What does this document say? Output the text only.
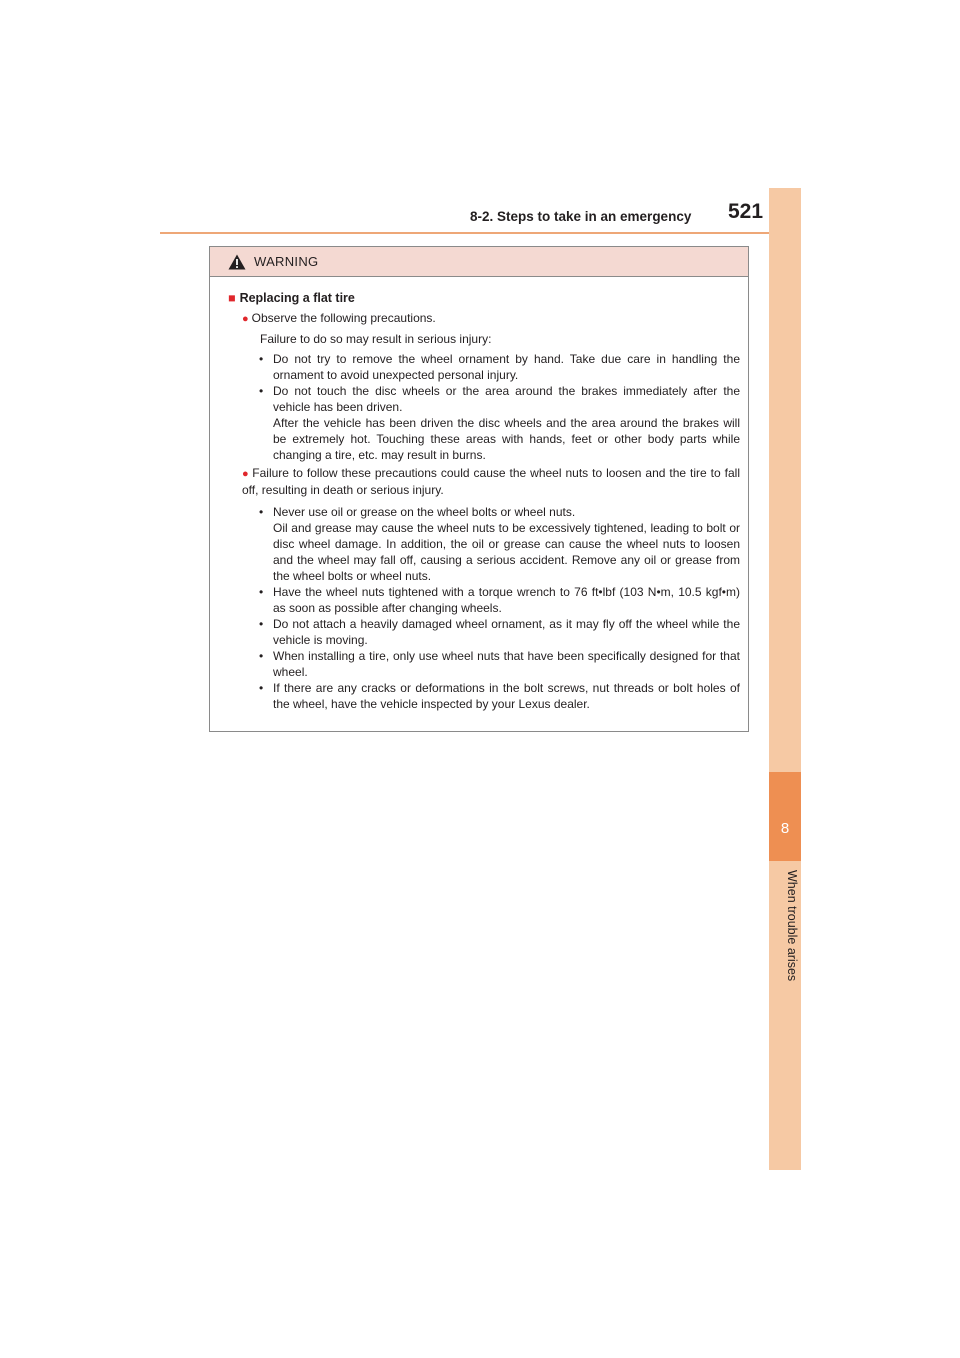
8-2. Steps to take in an emergency 521
8
When trouble arises
WARNING
■ Replacing a flat tire
● Observe the following precautions.
Failure to do so may result in serious injury:
• Do not try to remove the wheel ornament by hand. Take due care in handling the ornament to avoid unexpected personal injury.
• Do not touch the disc wheels or the area around the brakes immediately after the vehicle has been driven.
After the vehicle has been driven the disc wheels and the area around the brakes will be extremely hot. Touching these areas with hands, feet or other body parts while changing a tire, etc. may result in burns.
● Failure to follow these precautions could cause the wheel nuts to loosen and the tire to fall off, resulting in death or serious injury.
• Never use oil or grease on the wheel bolts or wheel nuts.
Oil and grease may cause the wheel nuts to be excessively tightened, leading to bolt or disc wheel damage. In addition, the oil or grease can cause the wheel nuts to loosen and the wheel may fall off, causing a serious accident. Remove any oil or grease from the wheel bolts or wheel nuts.
• Have the wheel nuts tightened with a torque wrench to 76 ft•lbf (103 N•m, 10.5 kgf•m) as soon as possible after changing wheels.
• Do not attach a heavily damaged wheel ornament, as it may fly off the wheel while the vehicle is moving.
• When installing a tire, only use wheel nuts that have been specifically designed for that wheel.
• If there are any cracks or deformations in the bolt screws, nut threads or bolt holes of the wheel, have the vehicle inspected by your Lexus dealer.
